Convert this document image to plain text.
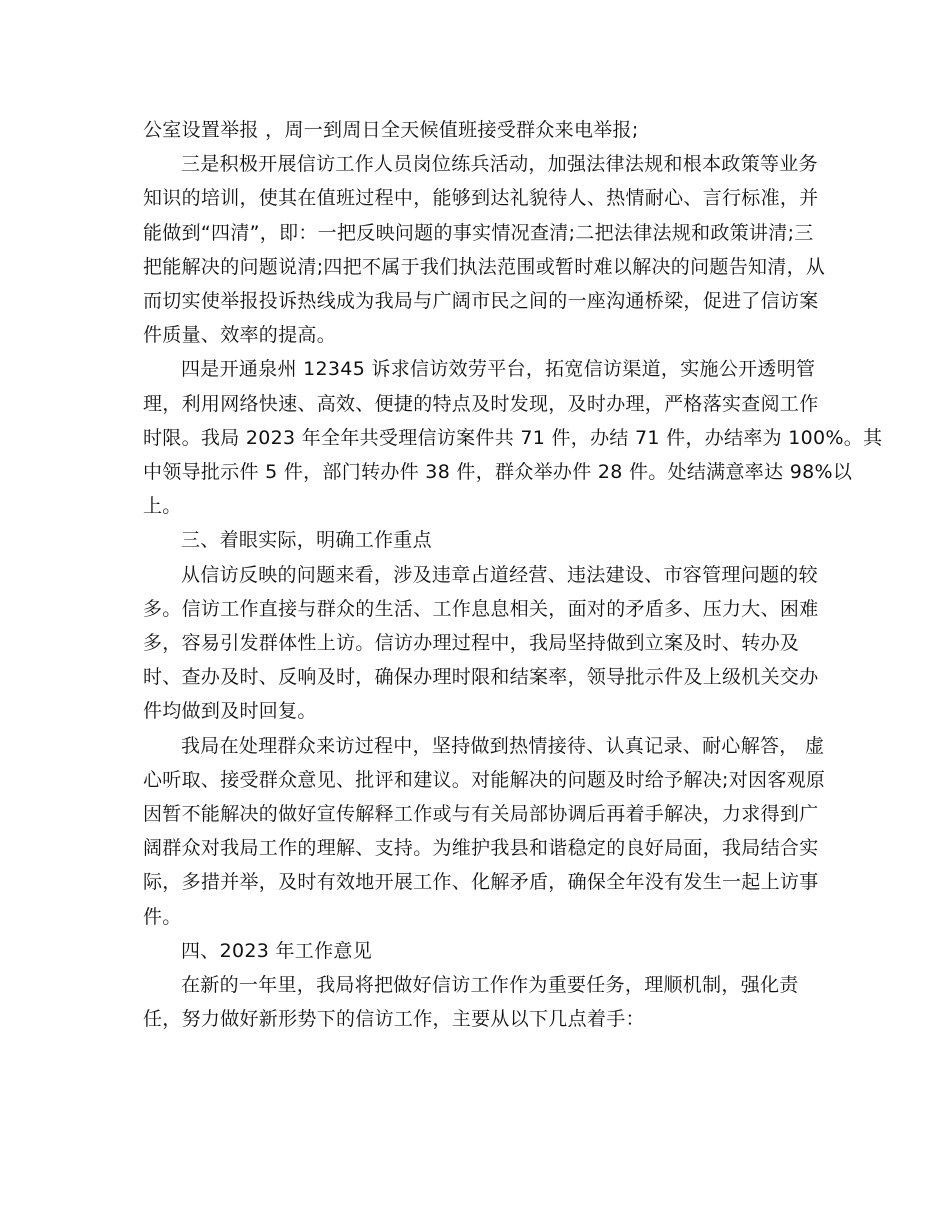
公室设置举报 ，周一到周日全天候值班接受群众来电举报;
三是积极开展信访工作人员岗位练兵活动，加强法律法规和根本政策等业务
知识的培训，使其在值班过程中，能够到达礼貌待人、热情耐心、言行标准，并
能做到“四清”，即：一把反映问题的事实情况查清;二把法律法规和政策讲清;三
把能解决的问题说清;四把不属于我们执法范围或暂时难以解决的问题告知清，从
而切实使举报投诉热线成为我局与广阔市民之间的一座沟通桥梁，促进了信访案
件质量、效率的提高。
四是开通泉州 12345 诉求信访效劳平台，拓宽信访渠道，实施公开透明管
理，利用网络快速、高效、便捷的特点及时发现，及时办理，严格落实查阅工作
时限。我局 2023 年全年共受理信访案件共 71 件，办结 71 件，办结率为 100%。其
中领导批示件 5 件，部门转办件 38 件，群众举办件 28 件。处结满意率达 98%以
上。
三、着眼实际，明确工作重点
从信访反映的问题来看，涉及违章占道经营、违法建设、市容管理问题的较
多。信访工作直接与群众的生活、工作息息相关，面对的矛盾多、压力大、困难
多，容易引发群体性上访。信访办理过程中，我局坚持做到立案及时、转办及
时、查办及时、反响及时，确保办理时限和结案率，领导批示件及上级机关交办
件均做到及时回复。
我局在处理群众来访过程中，坚持做到热情接待、认真记录、耐心解答， 虚
心听取、接受群众意见、批评和建议。对能解决的问题及时给予解决;对因客观原
因暂不能解决的做好宣传解释工作或与有关局部协调后再着手解决，力求得到广
阔群众对我局工作的理解、支持。为维护我县和谐稳定的良好局面，我局结合实
际，多措并举，及时有效地开展工作、化解矛盾，确保全年没有发生一起上访事
件。
四、2023 年工作意见
在新的一年里，我局将把做好信访工作作为重要任务，理顺机制，强化责
任，努力做好新形势下的信访工作，主要从以下几点着手：
